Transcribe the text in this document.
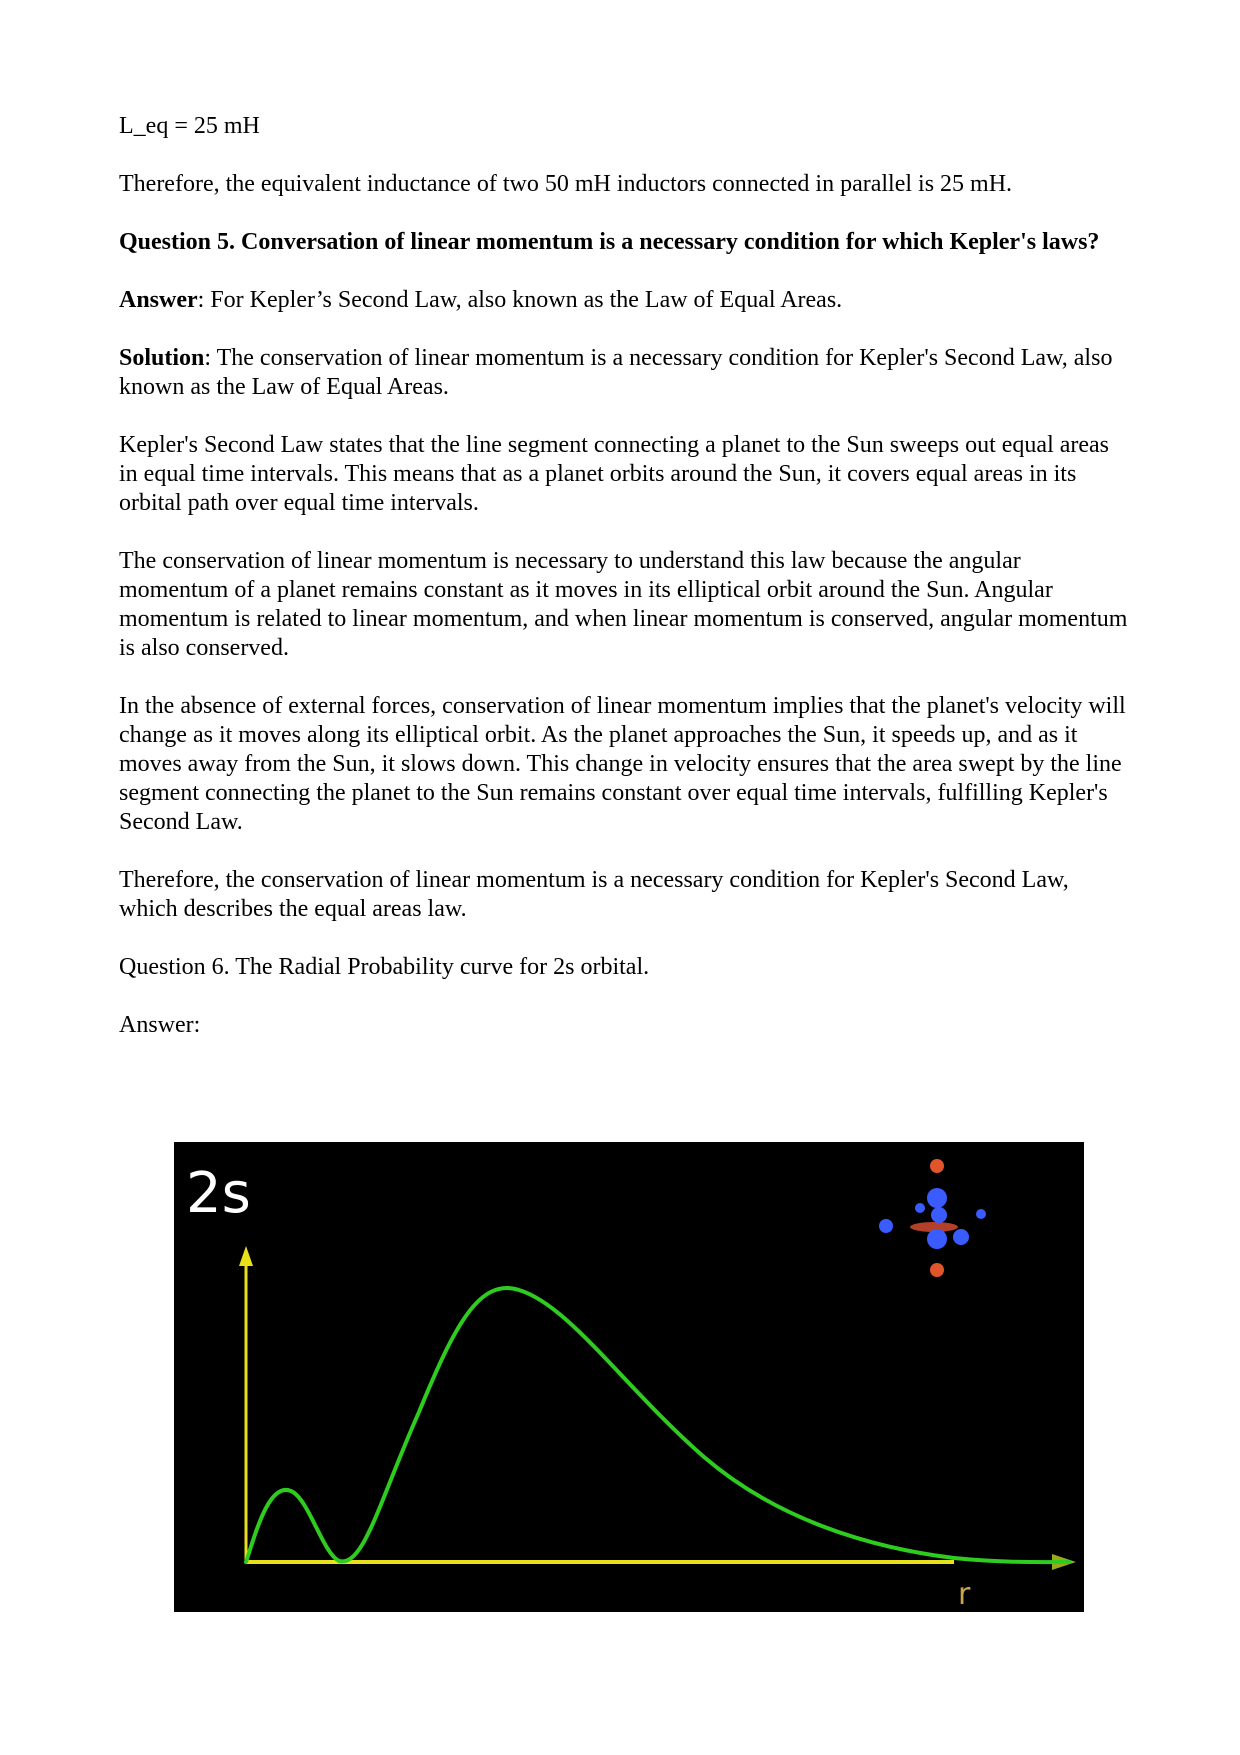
L_eq = 25 mH

Therefore, the equivalent inductance of two 50 mH inductors connected in parallel is 25 mH.

Question 5. Conversation of linear momentum is a necessary condition for which Kepler's laws?

Answer: For Kepler’s Second Law, also known as the Law of Equal Areas.

Solution: The conservation of linear momentum is a necessary condition for Kepler's Second Law, also known as the Law of Equal Areas.

Kepler's Second Law states that the line segment connecting a planet to the Sun sweeps out equal areas in equal time intervals. This means that as a planet orbits around the Sun, it covers equal areas in its orbital path over equal time intervals.

The conservation of linear momentum is necessary to understand this law because the angular momentum of a planet remains constant as it moves in its elliptical orbit around the Sun. Angular momentum is related to linear momentum, and when linear momentum is conserved, angular momentum is also conserved.

In the absence of external forces, conservation of linear momentum implies that the planet's velocity will change as it moves along its elliptical orbit. As the planet approaches the Sun, it speeds up, and as it moves away from the Sun, it slows down. This change in velocity ensures that the area swept by the line segment connecting the planet to the Sun remains constant over equal time intervals, fulfilling Kepler's Second Law.

Therefore, the conservation of linear momentum is a necessary condition for Kepler's Second Law, which describes the equal areas law.

Question 6. The Radial Probability curve for 2s orbital.

Answer:

2s
r
